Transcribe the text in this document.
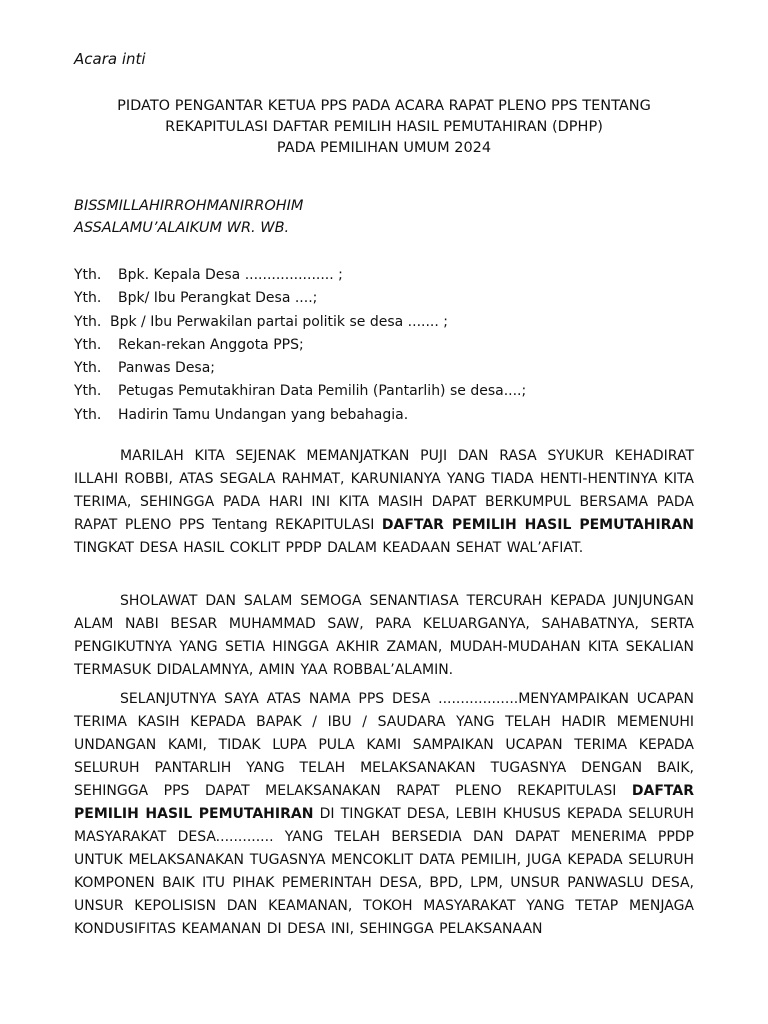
Acara inti
PIDATO PENGANTAR KETUA PPS PADA ACARA RAPAT PLENO PPS TENTANG
REKAPITULASI DAFTAR PEMILIH HASIL PEMUTAHIRAN (DPHP)
PADA PEMILIHAN UMUM 2024
BISSMILLAHIRROHMANIRROHIM
ASSALAMU’ALAIKUM WR. WB.
Yth.	Bpk. Kepala Desa .................... ;
Yth.	Bpk/ Ibu Perangkat Desa ....;
Yth. Bpk / Ibu Perwakilan partai politik se desa ....... ;
Yth.	Rekan-rekan Anggota PPS;
Yth.	Panwas Desa;
Yth.	Petugas Pemutakhiran Data Pemilih (Pantarlih) se desa....;
Yth.	Hadirin Tamu Undangan yang bebahagia.

MARILAH KITA SEJENAK MEMANJATKAN PUJI DAN RASA SYUKUR KEHADIRAT ILLAHI ROBBI, ATAS SEGALA RAHMAT, KARUNIANYA YANG TIADA HENTI-HENTINYA KITA TERIMA, SEHINGGA PADA HARI INI KITA MASIH DAPAT BERKUMPUL BERSAMA PADA RAPAT PLENO PPS Tentang REKAPITULASI DAFTAR PEMILIH HASIL PEMUTAHIRAN TINGKAT DESA HASIL COKLIT PPDP DALAM KEADAAN SEHAT WAL’AFIAT.

SHOLAWAT DAN SALAM SEMOGA SENANTIASA TERCURAH KEPADA JUNJUNGAN ALAM NABI BESAR MUHAMMAD SAW, PARA KELUARGANYA, SAHABATNYA, SERTA PENGIKUTNYA YANG SETIA HINGGA AKHIR ZAMAN, MUDAH-MUDAHAN KITA SEKALIAN TERMASUK DIDALAMNYA, AMIN YAA ROBBAL’ALAMIN.

SELANJUTNYA SAYA ATAS NAMA PPS DESA ..................MENYAMPAIKAN UCAPAN TERIMA KASIH KEPADA BAPAK / IBU / SAUDARA YANG TELAH HADIR MEMENUHI UNDANGAN KAMI, TIDAK LUPA PULA KAMI SAMPAIKAN UCAPAN TERIMA KEPADA SELURUH PANTARLIH YANG TELAH MELAKSANAKAN TUGASNYA DENGAN BAIK, SEHINGGA PPS DAPAT MELAKSANAKAN RAPAT PLENO REKAPITULASI DAFTAR PEMILIH HASIL PEMUTAHIRAN DI TINGKAT DESA, LEBIH KHUSUS KEPADA SELURUH MASYARAKAT DESA............. YANG TELAH BERSEDIA DAN DAPAT MENERIMA PPDP UNTUK MELAKSANAKAN TUGASNYA MENCOKLIT DATA PEMILIH, JUGA KEPADA SELURUH KOMPONEN BAIK ITU PIHAK PEMERINTAH DESA, BPD, LPM, UNSUR PANWASLU DESA, UNSUR KEPOLISISN DAN KEAMANAN, TOKOH MASYARAKAT YANG TETAP MENJAGA KONDUSIFITAS KEAMANAN DI DESA INI, SEHINGGA PELAKSANAAN
